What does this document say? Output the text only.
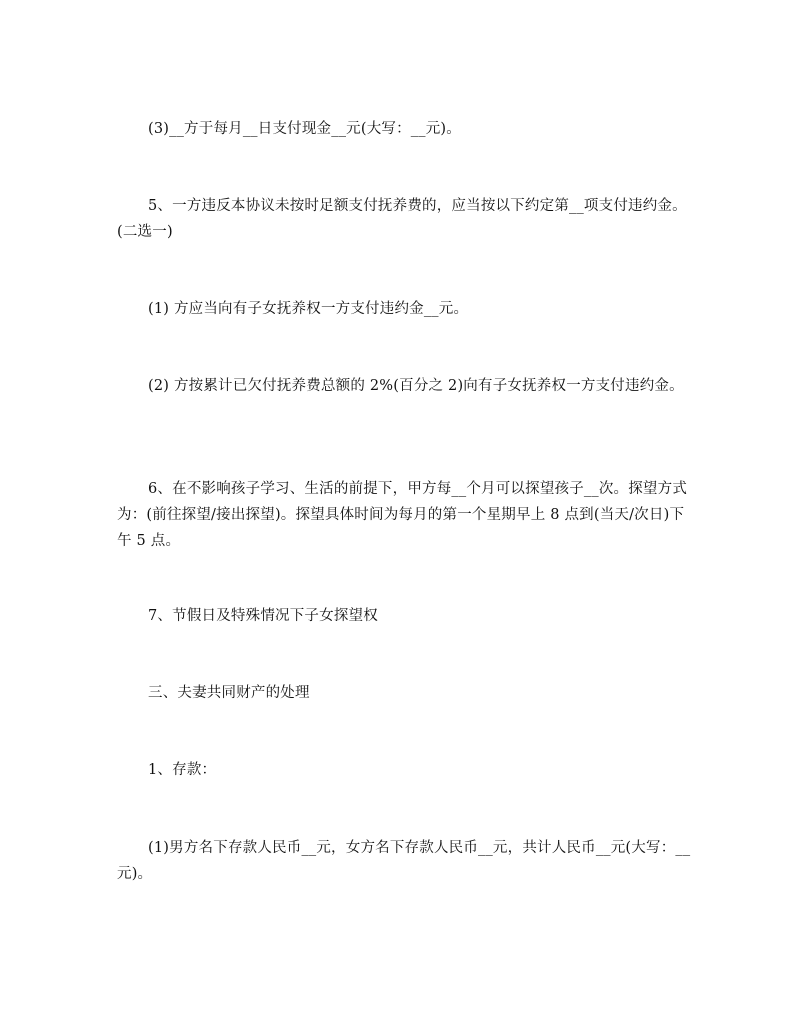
(3)__方于每月__日支付现金__元(大写：__元)。

5、一方违反本协议未按时足额支付抚养费的，应当按以下约定第__项支付违约金。(二选一)

(1) 方应当向有子女抚养权一方支付违约金__元。

(2) 方按累计已欠付抚养费总额的 2%(百分之 2)向有子女抚养权一方支付违约金。

6、在不影响孩子学习、生活的前提下，甲方每__个月可以探望孩子__次。探望方式为：(前往探望/接出探望)。探望具体时间为每月的第一个星期早上 8 点到(当天/次日)下午 5 点。

7、节假日及特殊情况下子女探望权

三、夫妻共同财产的处理

1、存款：

(1)男方名下存款人民币__元，女方名下存款人民币__元，共计人民币__元(大写：__元)。
